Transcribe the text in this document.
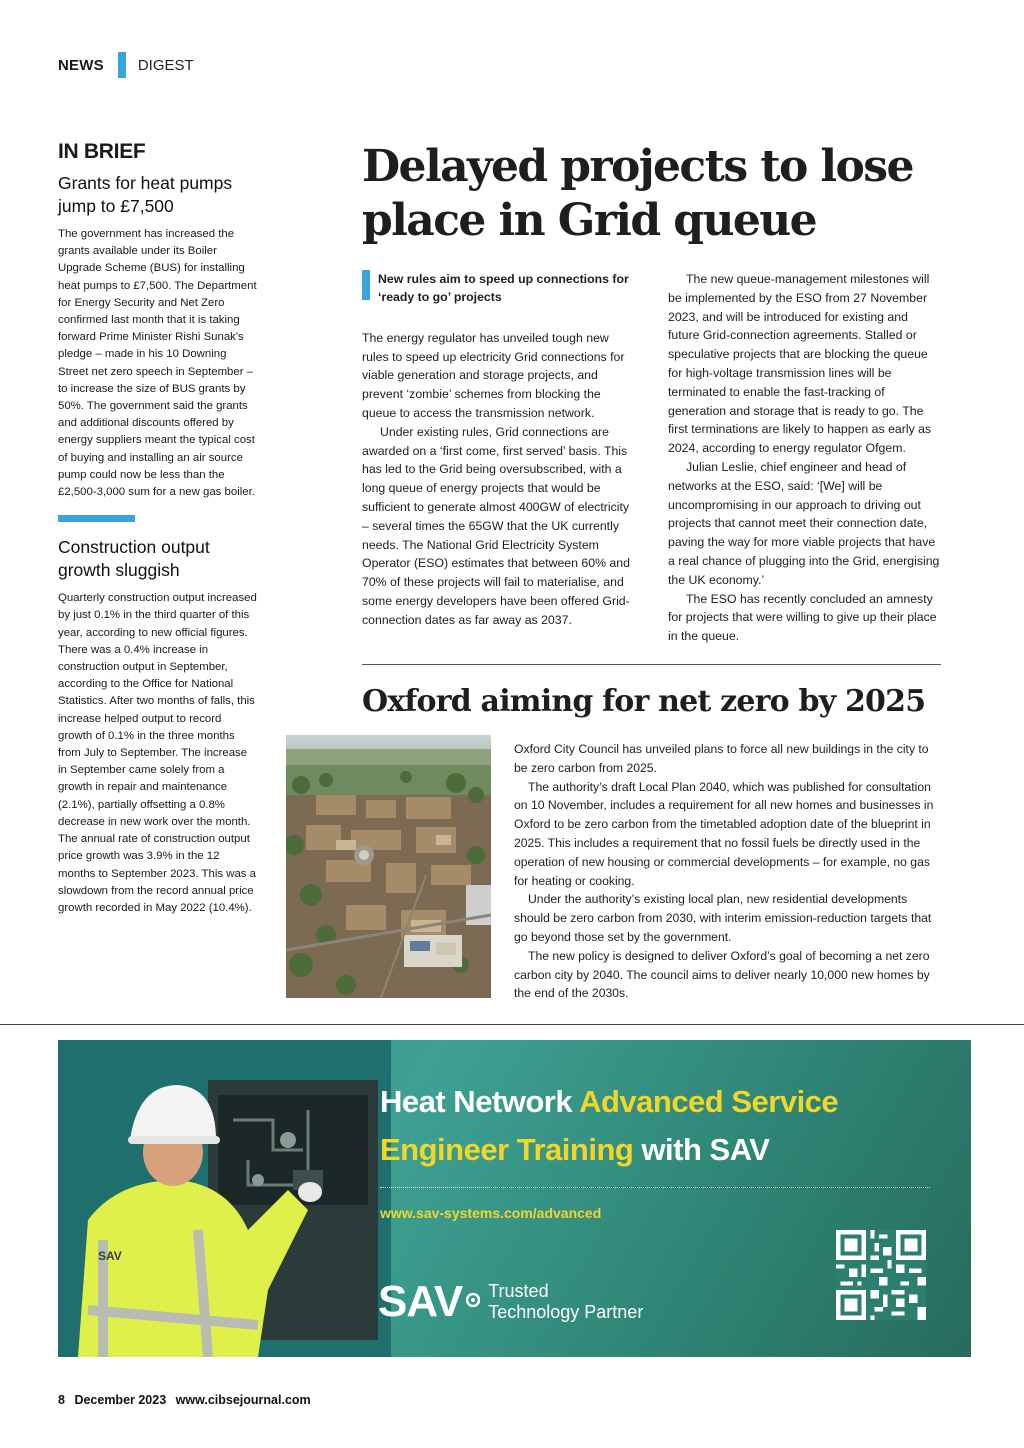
NEWS DIGEST
IN BRIEF
Grants for heat pumps jump to £7,500

The government has increased the grants available under its Boiler Upgrade Scheme (BUS) for installing heat pumps to £7,500. The Department for Energy Security and Net Zero confirmed last month that it is taking forward Prime Minister Rishi Sunak's pledge – made in his 10 Downing Street net zero speech in September – to increase the size of BUS grants by 50%. The government said the grants and additional discounts offered by energy suppliers meant the typical cost of buying and installing an air source pump could now be less than the £2,500-3,000 sum for a new gas boiler.

Construction output growth sluggish

Quarterly construction output increased by just 0.1% in the third quarter of this year, according to new official figures. There was a 0.4% increase in construction output in September, according to the Office for National Statistics. After two months of falls, this increase helped output to record growth of 0.1% in the three months from July to September. The increase in September came solely from a growth in repair and maintenance (2.1%), partially offsetting a 0.8% decrease in new work over the month. The annual rate of construction output price growth was 3.9% in the 12 months to September 2023. This was a slowdown from the record annual price growth recorded in May 2022 (10.4%).

Delayed projects to lose place in Grid queue
New rules aim to speed up connections for ‘ready to go’ projects

The energy regulator has unveiled tough new rules to speed up electricity Grid connections for viable generation and storage projects, and prevent ‘zombie’ schemes from blocking the queue to access the transmission network.

Under existing rules, Grid connections are awarded on a ‘first come, first served’ basis. This has led to the Grid being oversubscribed, with a long queue of energy projects that would be sufficient to generate almost 400GW of electricity – several times the 65GW that the UK currently needs. The National Grid Electricity System Operator (ESO) estimates that between 60% and 70% of these projects will fail to materialise, and some energy developers have been offered Grid-connection dates as far away as 2037.

The new queue-management milestones will be implemented by the ESO from 27 November 2023, and will be introduced for existing and future Grid-connection agreements. Stalled or speculative projects that are blocking the queue for high-voltage transmission lines will be terminated to enable the fast-tracking of generation and storage that is ready to go. The first terminations are likely to happen as early as 2024, according to energy regulator Ofgem.

Julian Leslie, chief engineer and head of networks at the ESO, said: ‘[We] will be uncompromising in our approach to driving out projects that cannot meet their connection date, paving the way for more viable projects that have a real chance of plugging into the Grid, energising the UK economy.’

The ESO has recently concluded an amnesty for projects that were willing to give up their place in the queue.

Oxford aiming for net zero by 2025

Oxford City Council has unveiled plans to force all new buildings in the city to be zero carbon from 2025.

The authority’s draft Local Plan 2040, which was published for consultation on 10 November, includes a requirement for all new homes and businesses in Oxford to be zero carbon from the timetabled adoption date of the blueprint in 2025. This includes a requirement that no fossil fuels be directly used in the operation of new housing or commercial developments – for example, no gas for heating or cooking.

Under the authority’s existing local plan, new residential developments should be zero carbon from 2030, with interim emission-reduction targets that go beyond those set by the government.

The new policy is designed to deliver Oxford’s goal of becoming a net zero carbon city by 2040. The council aims to deliver nearly 10,000 new homes by the end of the 2030s.

SAV
Heat Network Advanced Service Engineer Training with SAV
www.sav-systems.com/advanced
SAV Trusted
Technology Partner
8 December 2023 www.cibsejournal.com
